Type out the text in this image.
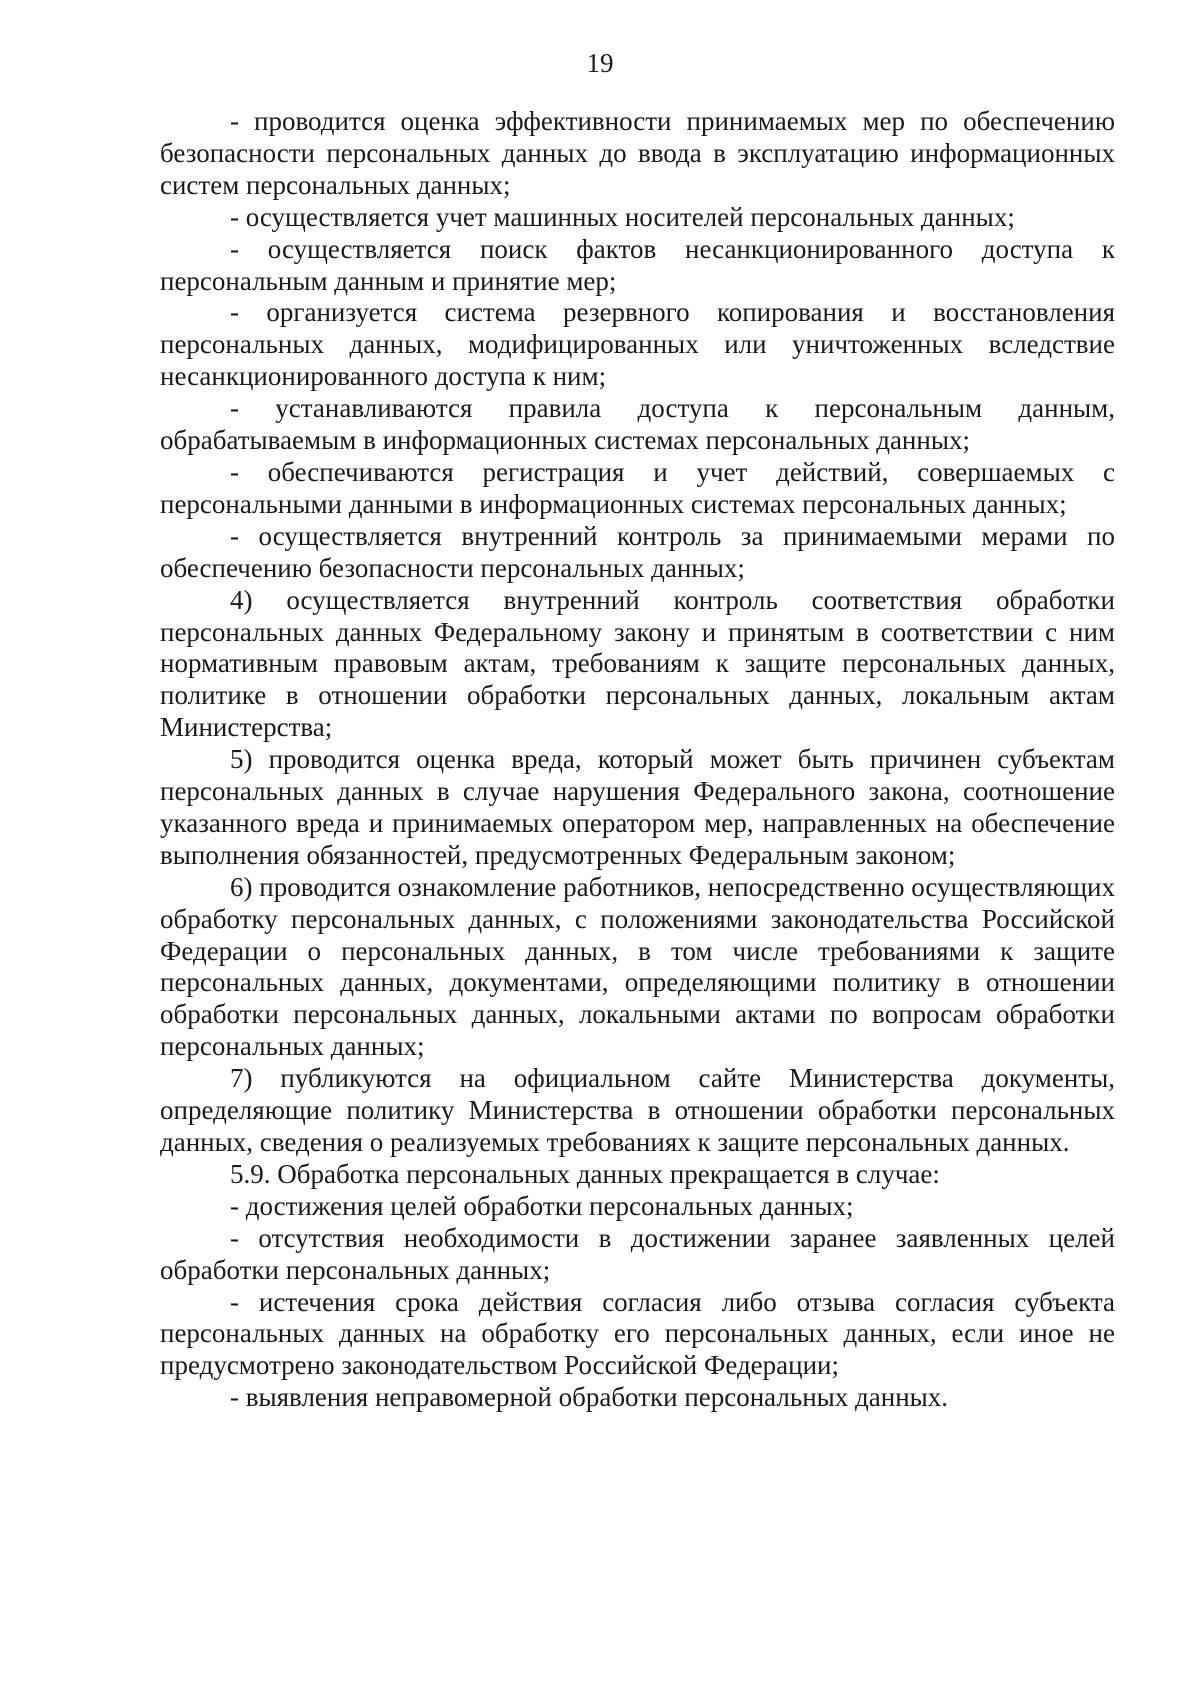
19

- проводится оценка эффективности принимаемых мер по обеспечению безопасности персональных данных до ввода в эксплуатацию информационных систем персональных данных;

- осуществляется учет машинных носителей персональных данных;

- осуществляется поиск фактов несанкционированного доступа к персональным данным и принятие мер;

- организуется система резервного копирования и восстановления персональных данных, модифицированных или уничтоженных вследствие несанкционированного доступа к ним;

- устанавливаются правила доступа к персональным данным, обрабатываемым в информационных системах персональных данных;

- обеспечиваются регистрация и учет действий, совершаемых с персональными данными в информационных системах персональных данных;

- осуществляется внутренний контроль за принимаемыми мерами по обеспечению безопасности персональных данных;

4) осуществляется внутренний контроль соответствия обработки персональных данных Федеральному закону и принятым в соответствии с ним нормативным правовым актам, требованиям к защите персональных данных, политике в отношении обработки персональных данных, локальным актам Министерства;

5) проводится оценка вреда, который может быть причинен субъектам персональных данных в случае нарушения Федерального закона, соотношение указанного вреда и принимаемых оператором мер, направленных на обеспечение выполнения обязанностей, предусмотренных Федеральным законом;

6) проводится ознакомление работников, непосредственно осуществляющих обработку персональных данных, с положениями законодательства Российской Федерации о персональных данных, в том числе требованиями к защите персональных данных, документами, определяющими политику в отношении обработки персональных данных, локальными актами по вопросам обработки персональных данных;

7) публикуются на официальном сайте Министерства документы, определяющие политику Министерства в отношении обработки персональных данных, сведения о реализуемых требованиях к защите персональных данных.

5.9. Обработка персональных данных прекращается в случае:

- достижения целей обработки персональных данных;

- отсутствия необходимости в достижении заранее заявленных целей обработки персональных данных;

- истечения срока действия согласия либо отзыва согласия субъекта персональных данных на обработку его персональных данных, если иное не предусмотрено законодательством Российской Федерации;

- выявления неправомерной обработки персональных данных.
